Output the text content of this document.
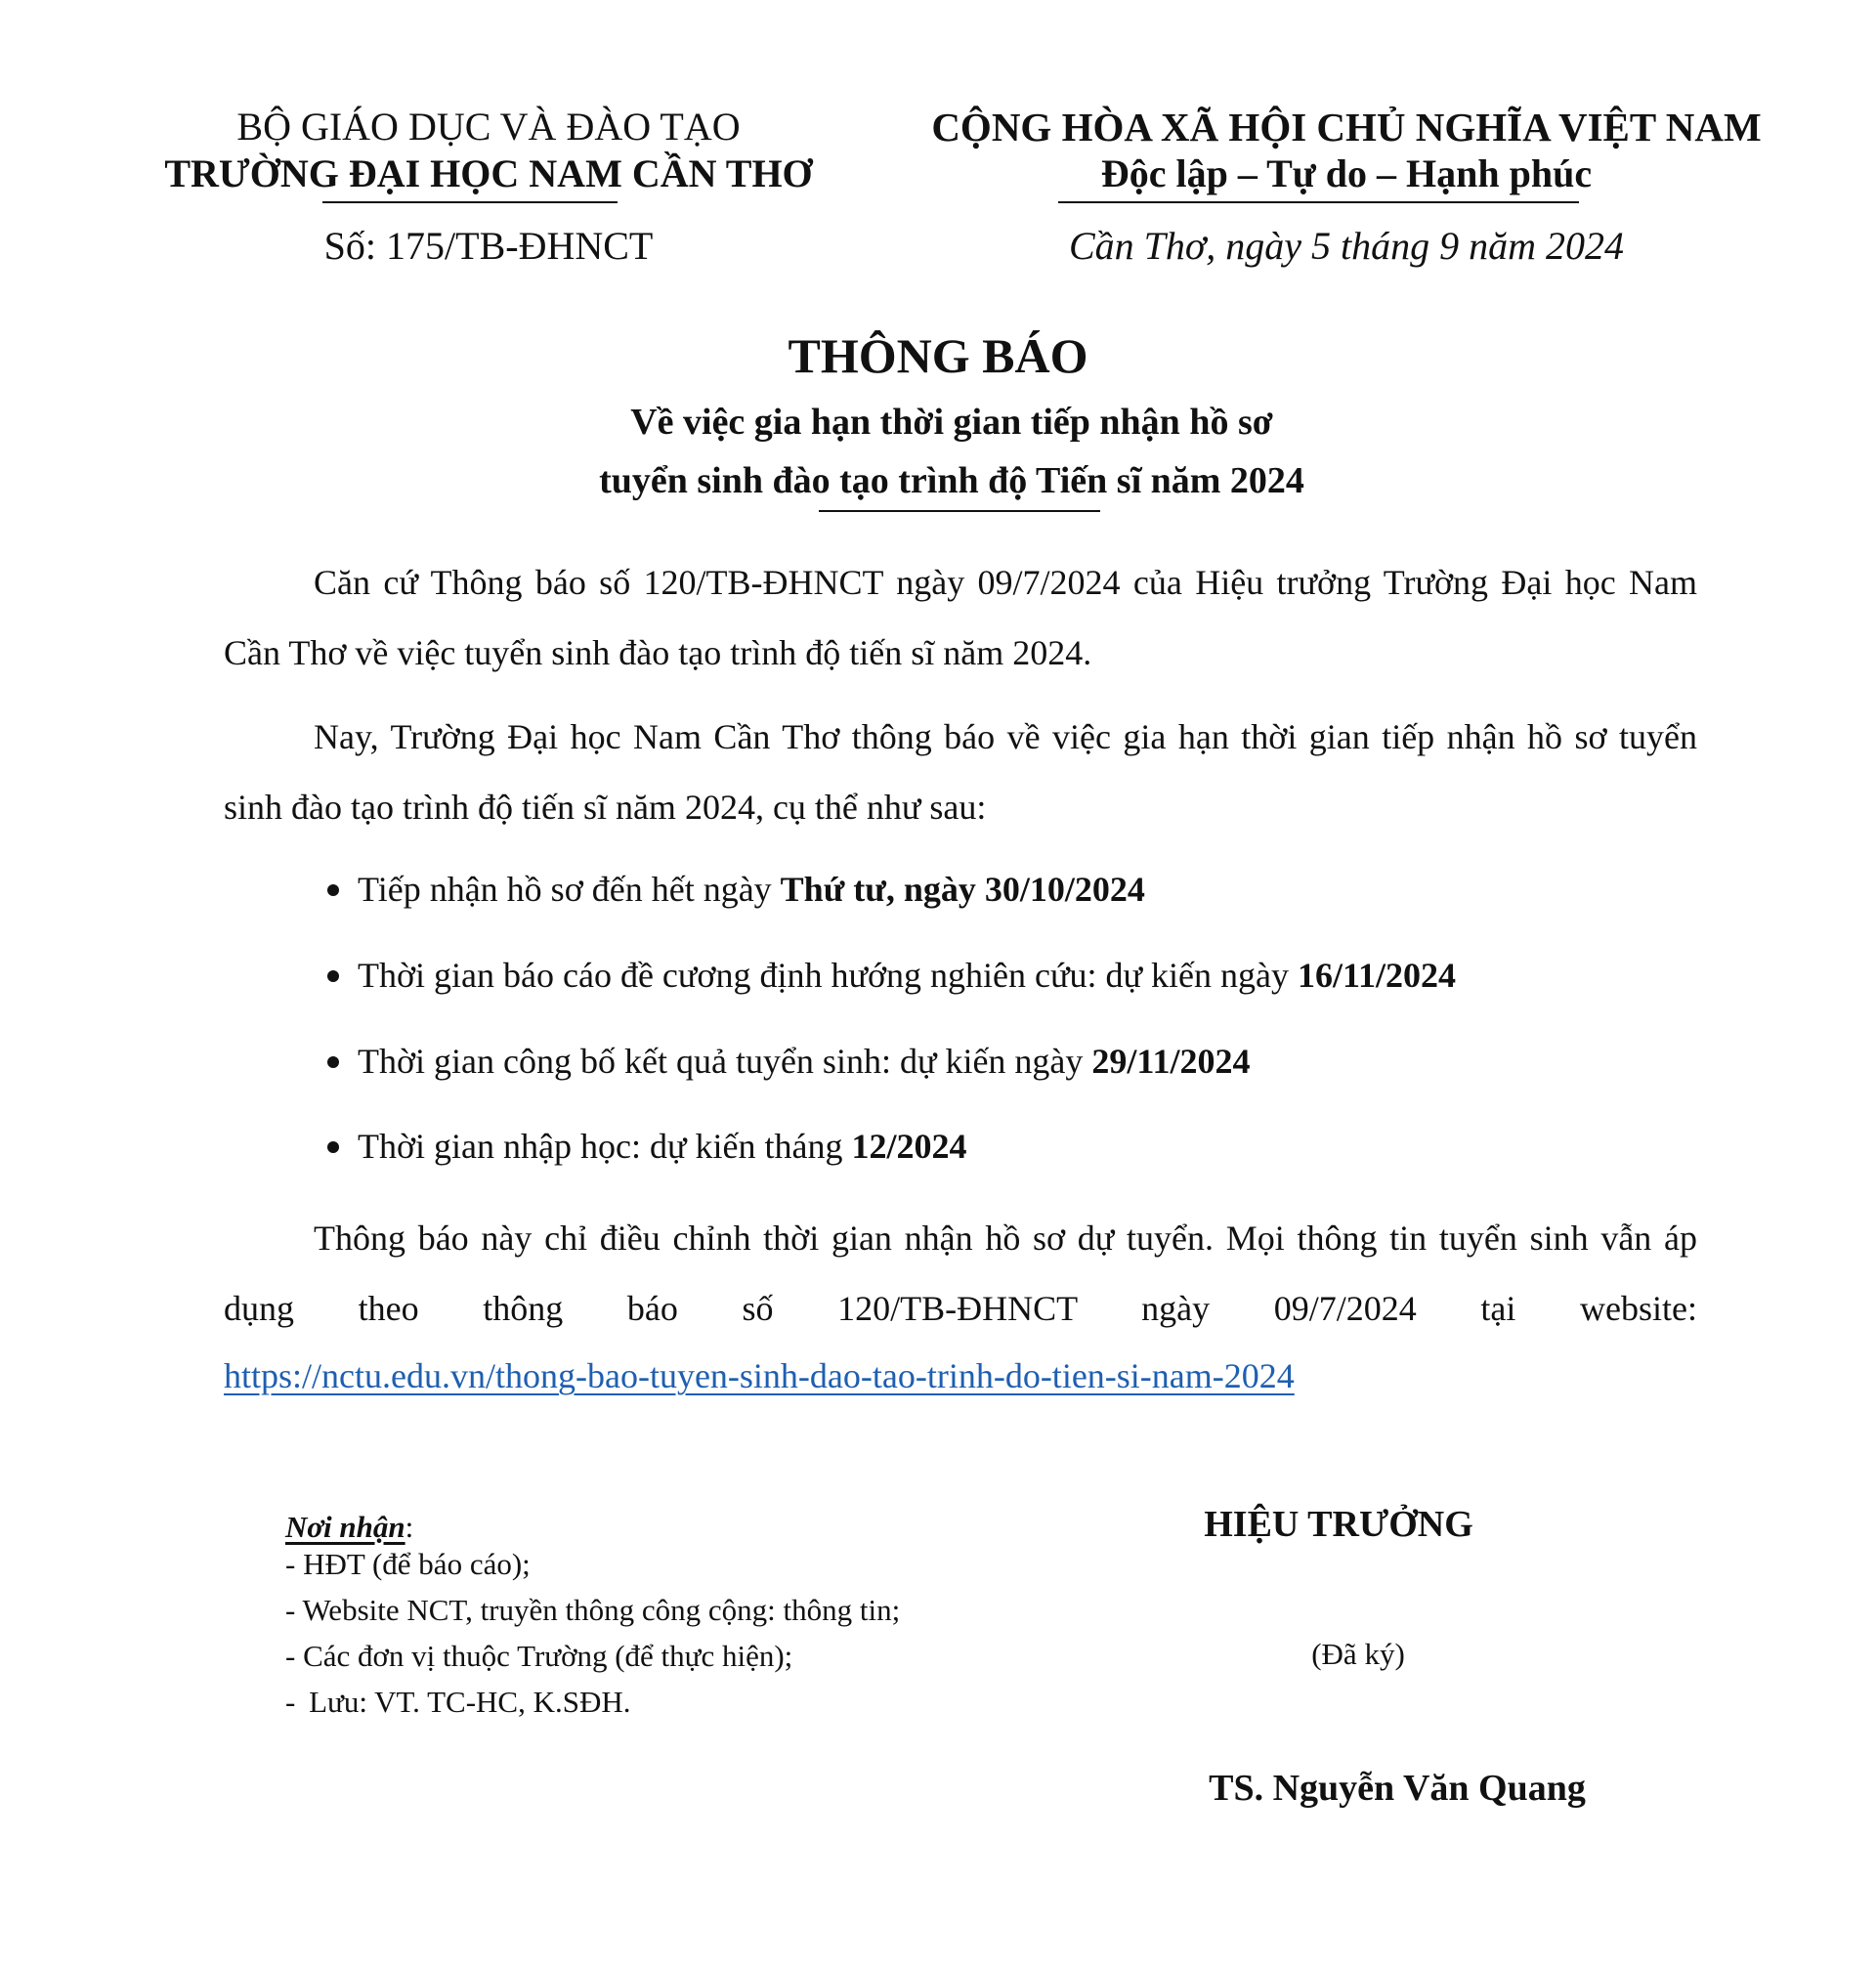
BỘ GIÁO DỤC VÀ ĐÀO TẠO
TRƯỜNG ĐẠI HỌC NAM CẦN THƠ
Số: 175/TB-ĐHNCT
CỘNG HÒA XÃ HỘI CHỦ NGHĨA VIỆT NAM
Độc lập – Tự do – Hạnh phúc
Cần Thơ, ngày 5 tháng 9 năm 2024
THÔNG BÁO
Về việc gia hạn thời gian tiếp nhận hồ sơ
tuyển sinh đào tạo trình độ Tiến sĩ năm 2024

Căn cứ Thông báo số 120/TB-ĐHNCT ngày 09/7/2024 của Hiệu trưởng Trường Đại học Nam Cần Thơ về việc tuyển sinh đào tạo trình độ tiến sĩ năm 2024.

Nay, Trường Đại học Nam Cần Thơ thông báo về việc gia hạn thời gian tiếp nhận hồ sơ tuyển sinh đào tạo trình độ tiến sĩ năm 2024, cụ thể như sau:

Tiếp nhận hồ sơ đến hết ngày Thứ tư, ngày 30/10/2024
Thời gian báo cáo đề cương định hướng nghiên cứu: dự kiến ngày 16/11/2024
Thời gian công bố kết quả tuyển sinh: dự kiến ngày 29/11/2024
Thời gian nhập học: dự kiến tháng 12/2024

Thông báo này chỉ điều chỉnh thời gian nhận hồ sơ dự tuyển. Mọi thông tin tuyển sinh vẫn áp dụng theo thông báo số 120/TB-ĐHNCT ngày 09/7/2024 tại website:

https://nctu.edu.vn/thong-bao-tuyen-sinh-dao-tao-trinh-do-tien-si-nam-2024
Nơi nhận:
- HĐT (để báo cáo);
- Website NCT, truyền thông công cộng: thông tin;
- Các đơn vị thuộc Trường (để thực hiện);
- Lưu: VT. TC-HC, K.SĐH.
HIỆU TRƯỞNG
(Đã ký)
TS. Nguyễn Văn Quang
